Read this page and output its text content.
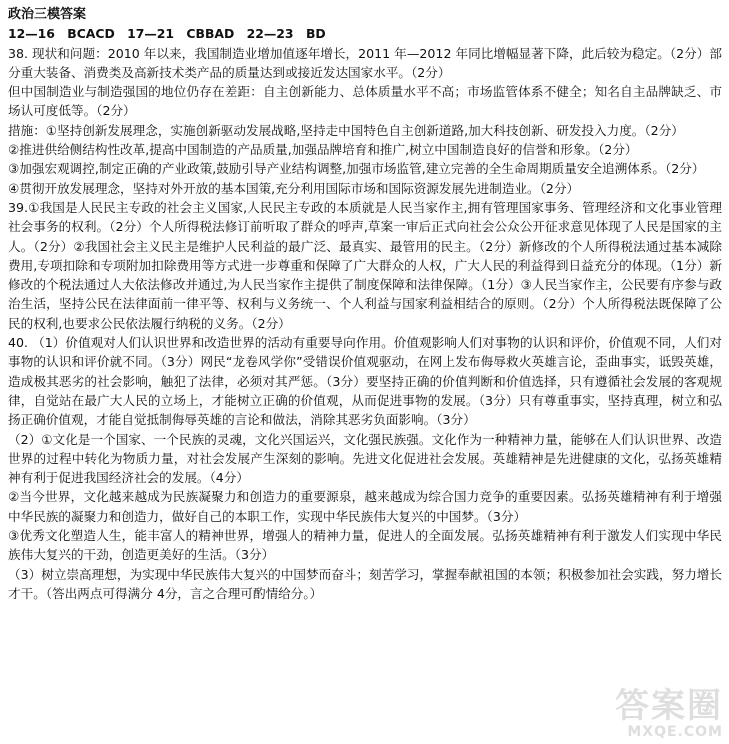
政治三模答案
12—16　BCACD　17—21　CBBAD　22—23　BD

38. 现状和问题：2010 年以来，我国制造业增加值逐年增长，2011 年—2012 年同比增幅显著下降，此后较为稳定。（2分）部分重大装备、消费类及高新技术类产品的质量达到或接近发达国家水平。（2分）

但中国制造业与制造强国的地位仍存在差距：自主创新能力、总体质量水平不高；市场监管体系不健全；知名自主品牌缺乏、市场认可度低等。（2分）

措施：①坚持创新发展理念，实施创新驱动发展战略,坚持走中国特色自主创新道路,加大科技创新、研发投入力度。（2分）

②推进供给侧结构性改革,提高中国制造的产品质量,加强品牌培育和推广,树立中国制造良好的信誉和形象。（2分）

③加强宏观调控,制定正确的产业政策,鼓励引导产业结构调整,加强市场监管,建立完善的全生命周期质量安全追溯体系。（2分）

④贯彻开放发展理念，坚持对外开放的基本国策,充分利用国际市场和国际资源发展先进制造业。（2分）

39.①我国是人民民主专政的社会主义国家,人民民主专政的本质就是人民当家作主,拥有管理国家事务、管理经济和文化事业管理社会事务的权利。（2分）个人所得税法修订前听取了群众的呼声,草案一审后正式向社会公众公开征求意见体现了人民是国家的主人。（2分）②我国社会主义民主是维护人民利益的最广泛、最真实、最管用的民主。（2分）新修改的个人所得税法通过基本减除费用,专项扣除和专项附加扣除费用等方式进一步尊重和保障了广大群众的人权，广大人民的利益得到日益充分的体现。（1分）新修改的个税法通过人大依法修改并通过,为人民当家作主提供了制度保障和法律保障。（1分）③人民当家作主，公民要有序参与政治生活，坚持公民在法律面前一律平等、权利与义务统一、个人利益与国家利益相结合的原则。（2分）个人所得税法既保障了公民的权利,也要求公民依法履行纳税的义务。（2分）

40. （1）价值观对人们认识世界和改造世界的活动有重要导向作用。价值观影响人们对事物的认识和评价，价值观不同，人们对事物的认识和评价就不同。（3分）网民“龙卷风学你”受错误价值观驱动，在网上发布侮辱救火英雄言论，歪曲事实，诋毁英雄，造成极其恶劣的社会影响，触犯了法律，必须对其严惩。（3分）要坚持正确的价值判断和价值选择，只有遵循社会发展的客观规律，自觉站在最广大人民的立场上，才能树立正确的价值观，从而促进事物的发展。（3分）只有尊重事实，坚持真理，树立和弘扬正确价值观，才能自觉抵制侮辱英雄的言论和做法，消除其恶劣负面影响。（3分）

（2）①文化是一个国家、一个民族的灵魂，文化兴国运兴，文化强民族强。文化作为一种精神力量，能够在人们认识世界、改造世界的过程中转化为物质力量，对社会发展产生深刻的影响。先进文化促进社会发展。英雄精神是先进健康的文化，弘扬英雄精神有利于促进我国经济社会的发展。（4分）

②当今世界，文化越来越成为民族凝聚力和创造力的重要源泉，越来越成为综合国力竞争的重要因素。弘扬英雄精神有利于增强中华民族的凝聚力和创造力，做好自己的本职工作，实现中华民族伟大复兴的中国梦。（3分）

③优秀文化塑造人生，能丰富人的精神世界，增强人的精神力量，促进人的全面发展。弘扬英雄精神有利于激发人们实现中华民族伟大复兴的干劲，创造更美好的生活。（3分）

（3）树立崇高理想，为实现中华民族伟大复兴的中国梦而奋斗；刻苦学习，掌握奉献祖国的本领；积极参加社会实践，努力增长才干。（答出两点可得满分 4分，言之合理可酌情给分。）

答案圈
MXQE.COM
